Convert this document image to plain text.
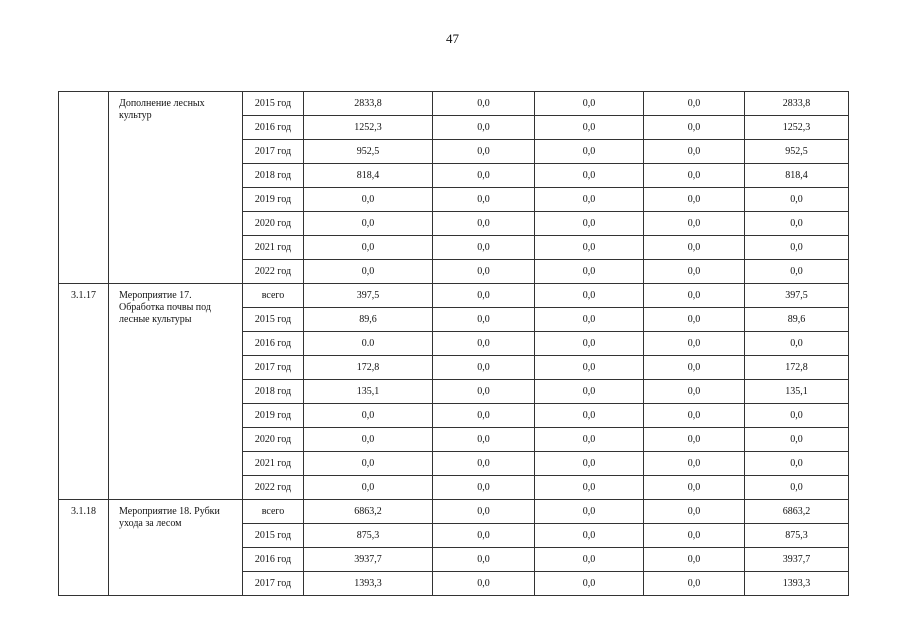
47
	Дополнение лесных культур	2015 год	2833,8	0,0	0,0	0,0	2833,8
		2016 год	1252,3	0,0	0,0	0,0	1252,3
		2017 год	952,5	0,0	0,0	0,0	952,5
		2018 год	818,4	0,0	0,0	0,0	818,4
		2019 год	0,0	0,0	0,0	0,0	0,0
		2020 год	0,0	0,0	0,0	0,0	0,0
		2021 год	0,0	0,0	0,0	0,0	0,0
		2022 год	0,0	0,0	0,0	0,0	0,0
3.1.17	Мероприятие 17. Обработка почвы под лесные культуры	всего	397,5	0,0	0,0	0,0	397,5
		2015 год	89,6	0,0	0,0	0,0	89,6
		2016 год	0.0	0,0	0,0	0,0	0,0
		2017 год	172,8	0,0	0,0	0,0	172,8
		2018 год	135,1	0,0	0,0	0,0	135,1
		2019 год	0,0	0,0	0,0	0,0	0,0
		2020 год	0,0	0,0	0,0	0,0	0,0
		2021 год	0,0	0,0	0,0	0,0	0,0
		2022 год	0,0	0,0	0,0	0,0	0,0
3.1.18	Мероприятие 18. Рубки ухода за лесом	всего	6863,2	0,0	0,0	0,0	6863,2
		2015 год	875,3	0,0	0,0	0,0	875,3
		2016 год	3937,7	0,0	0,0	0,0	3937,7
		2017 год	1393,3	0,0	0,0	0,0	1393,3
